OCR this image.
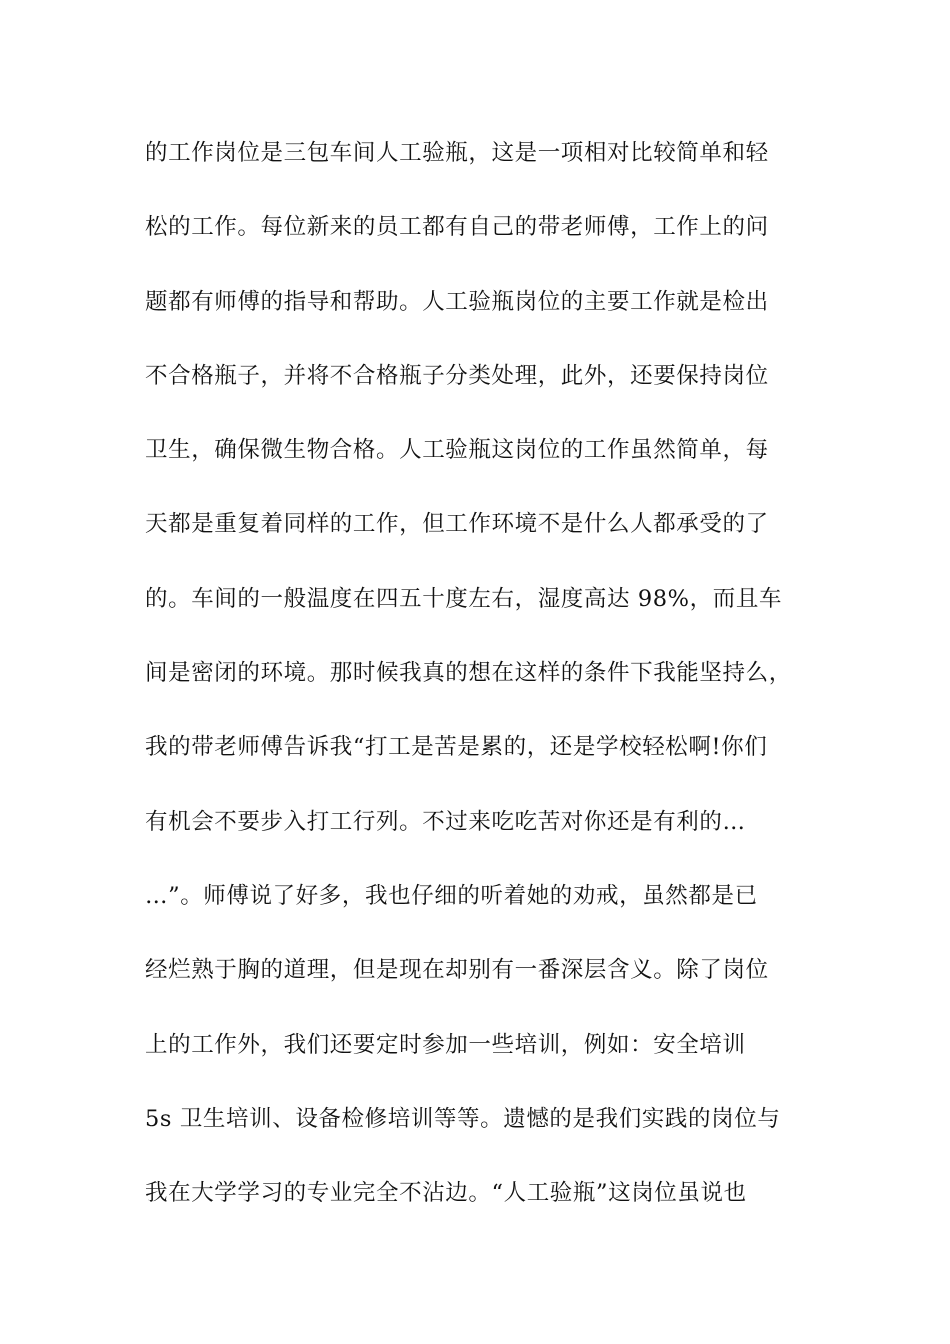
的工作岗位是三包车间人工验瓶，这是一项相对比较简单和轻
松的工作。每位新来的员工都有自己的带老师傅，工作上的问
题都有师傅的指导和帮助。人工验瓶岗位的主要工作就是检出
不合格瓶子，并将不合格瓶子分类处理，此外，还要保持岗位
卫生，确保微生物合格。人工验瓶这岗位的工作虽然简单，每
天都是重复着同样的工作，但工作环境不是什么人都承受的了
的。车间的一般温度在四五十度左右，湿度高达 98%，而且车
间是密闭的环境。那时候我真的想在这样的条件下我能坚持么，
我的带老师傅告诉我“打工是苦是累的，还是学校轻松啊!你们
有机会不要步入打工行列。不过来吃吃苦对你还是有利的…
…”。师傅说了好多，我也仔细的听着她的劝戒，虽然都是已
经烂熟于胸的道理，但是现在却别有一番深层含义。除了岗位
上的工作外，我们还要定时参加一些培训，例如：安全培训
5s 卫生培训、设备检修培训等等。遗憾的是我们实践的岗位与
我在大学学习的专业完全不沾边。“人工验瓶”这岗位虽说也
